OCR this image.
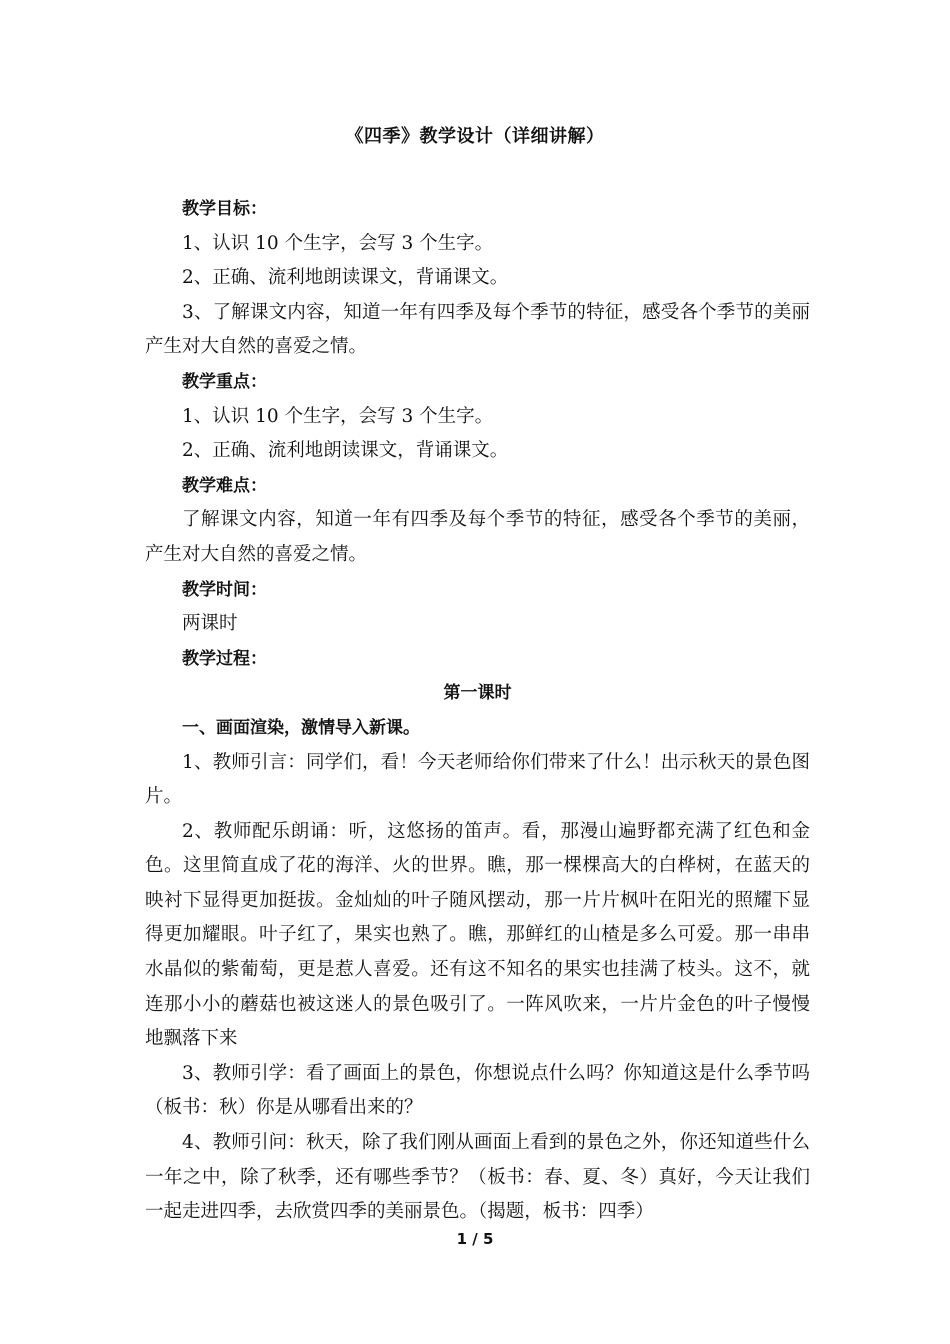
《四季》教学设计（详细讲解）

教学目标：

1、认识 10 个生字，会写 3 个生字。

2、正确、流利地朗读课文，背诵课文。

3、了解课文内容，知道一年有四季及每个季节的特征，感受各个季节的美丽产生对大自然的喜爱之情。

教学重点：

1、认识 10 个生字，会写 3 个生字。

2、正确、流利地朗读课文，背诵课文。

教学难点：

了解课文内容，知道一年有四季及每个季节的特征，感受各个季节的美丽，产生对大自然的喜爱之情。

教学时间：

两课时

教学过程：

第一课时

一、画面渲染，激情导入新课。

1、教师引言：同学们，看！今天老师给你们带来了什么！出示秋天的景色图片。

2、教师配乐朗诵：听，这悠扬的笛声。看，那漫山遍野都充满了红色和金色。这里简直成了花的海洋、火的世界。瞧，那一棵棵高大的白桦树，在蓝天的映衬下显得更加挺拔。金灿灿的叶子随风摆动，那一片片枫叶在阳光的照耀下显得更加耀眼。叶子红了，果实也熟了。瞧，那鲜红的山楂是多么可爱。那一串串水晶似的紫葡萄，更是惹人喜爱。还有这不知名的果实也挂满了枝头。这不，就连那小小的蘑菇也被这迷人的景色吸引了。一阵风吹来，一片片金色的叶子慢慢地飘落下来

3、教师引学：看了画面上的景色，你想说点什么吗？你知道这是什么季节吗（板书：秋）你是从哪看出来的？

4、教师引问：秋天，除了我们刚从画面上看到的景色之外，你还知道些什么一年之中，除了秋季，还有哪些季节？（板书：春、夏、冬）真好，今天让我们一起走进四季，去欣赏四季的美丽景色。（揭题，板书：四季）

1 / 5
